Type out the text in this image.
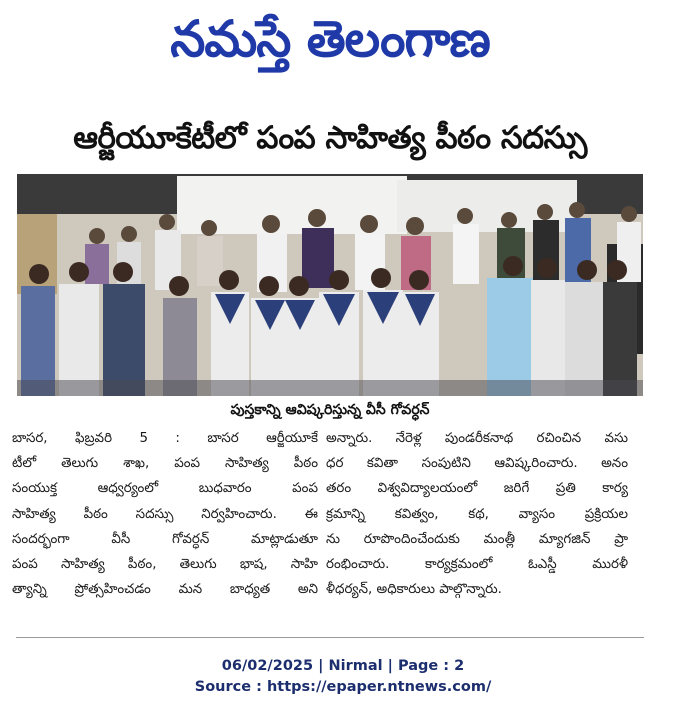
నమస్తే తెలంగాణ
ఆర్జీయూకేటీలో పంప సాహిత్య పీఠం సదస్సు
పుస్తకాన్ని ఆవిష్కరిస్తున్న వీసీ గోవర్ధన్
బాసర, ఫిబ్రవరి 5 : బాసర ఆర్జీయూకే
టీలో తెలుగు శాఖ, పంప సాహిత్య పీఠం
సంయుక్త ఆధ్వర్యంలో బుధవారం పంప
సాహిత్య పీఠం సదస్సు నిర్వహించారు. ఈ
సందర్భంగా వీసీ గోవర్ధన్ మాట్లాడుతూ
పంప సాహిత్య పీఠం, తెలుగు భాష, సాహి
త్యాన్ని ప్రోత్సహించడం మన బాధ్యత అని
అన్నారు. నేరెళ్ల పుండరీకనాథ రచించిన వసు
ధర కవితా సంపుటిని ఆవిష్కరించారు. అనం
తరం విశ్వవిద్యాలయంలో జరిగే ప్రతి కార్య
క్రమాన్ని కవిత్వం, కథ, వ్యాసం ప్రక్రియల
ను రూపొందించేందుకు మంత్లీ మ్యాగజిన్ ప్రా
రంభించారు. కార్యక్రమంలో ఓఎస్డీ మురళీ
ళీధర్యన్, అధికారులు పాల్గొన్నారు.
06/02/2025 | Nirmal | Page : 2
Source : https://epaper.ntnews.com/
